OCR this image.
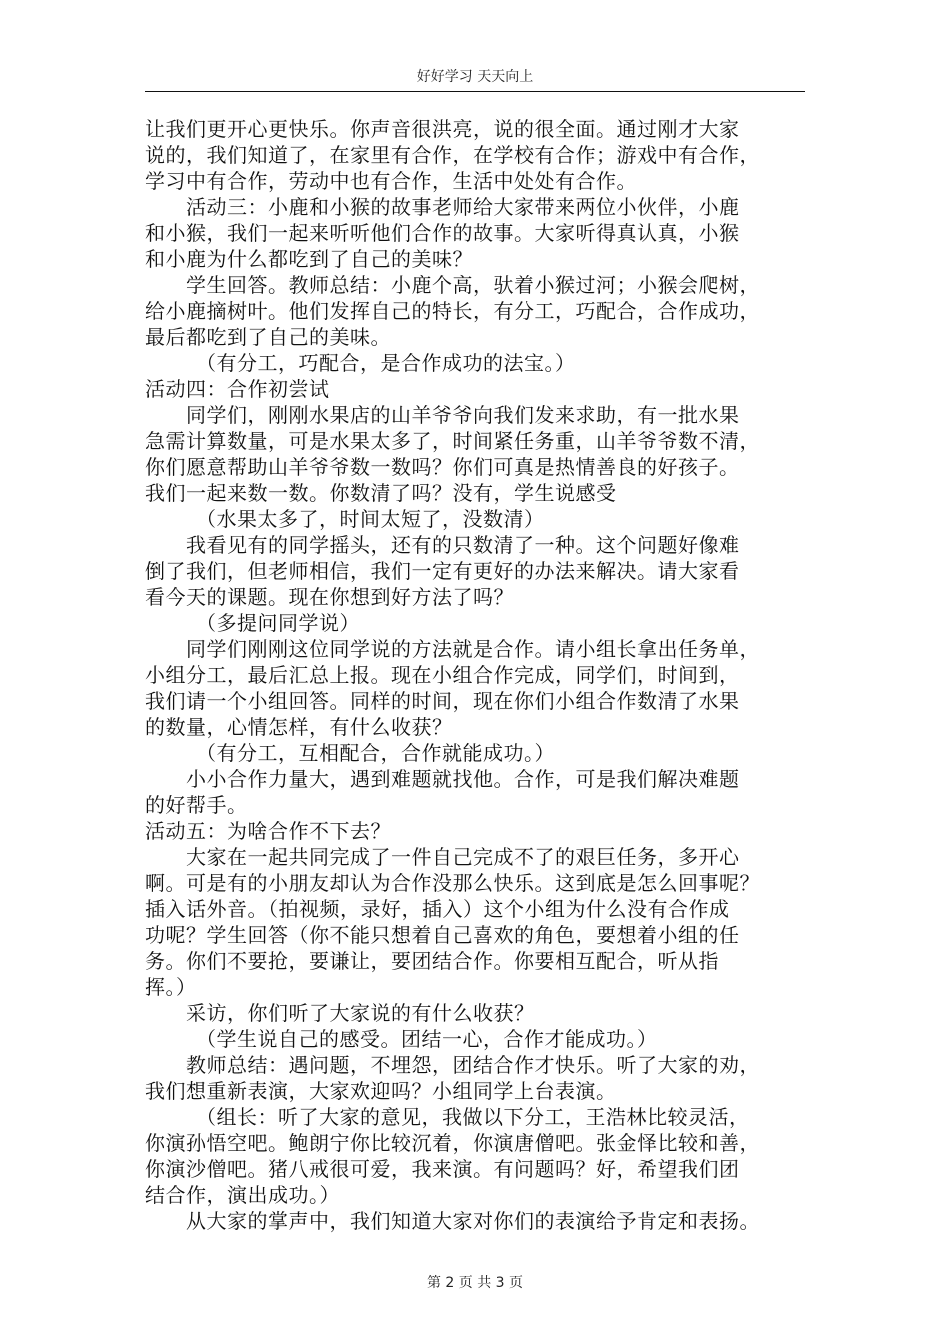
好好学习 天天向上

让我们更开心更快乐。你声音很洪亮，说的很全面。通过刚才大家

说的，我们知道了，在家里有合作，在学校有合作；游戏中有合作，

学习中有合作，劳动中也有合作，生活中处处有合作。

活动三：小鹿和小猴的故事老师给大家带来两位小伙伴，小鹿

和小猴，我们一起来听听他们合作的故事。大家听得真认真，小猴

和小鹿为什么都吃到了自己的美味？

学生回答。教师总结：小鹿个高，驮着小猴过河；小猴会爬树，

给小鹿摘树叶。他们发挥自己的特长，有分工，巧配合，合作成功，

最后都吃到了自己的美味。

（有分工，巧配合，是合作成功的法宝。）

活动四：合作初尝试

同学们，刚刚水果店的山羊爷爷向我们发来求助，有一批水果

急需计算数量，可是水果太多了，时间紧任务重，山羊爷爷数不清，

你们愿意帮助山羊爷爷数一数吗？你们可真是热情善良的好孩子。

我们一起来数一数。你数清了吗？没有，学生说感受

（水果太多了，时间太短了，没数清）

我看见有的同学摇头，还有的只数清了一种。这个问题好像难

倒了我们，但老师相信，我们一定有更好的办法来解决。请大家看

看今天的课题。现在你想到好方法了吗？

（多提问同学说）

同学们刚刚这位同学说的方法就是合作。请小组长拿出任务单，

小组分工，最后汇总上报。现在小组合作完成，同学们，时间到，

我们请一个小组回答。同样的时间，现在你们小组合作数清了水果

的数量，心情怎样，有什么收获？

（有分工，互相配合，合作就能成功。）

小小合作力量大，遇到难题就找他。合作，可是我们解决难题

的好帮手。

活动五：为啥合作不下去？

大家在一起共同完成了一件自己完成不了的艰巨任务，多开心

啊。可是有的小朋友却认为合作没那么快乐。这到底是怎么回事呢？

插入话外音。（拍视频，录好，插入）这个小组为什么没有合作成

功呢？学生回答（你不能只想着自己喜欢的角色，要想着小组的任

务。你们不要抢，要谦让，要团结合作。你要相互配合，听从指

挥。）

采访，你们听了大家说的有什么收获？

（学生说自己的感受。团结一心，合作才能成功。）

教师总结：遇问题，不埋怨，团结合作才快乐。听了大家的劝，

我们想重新表演，大家欢迎吗？小组同学上台表演。

（组长：听了大家的意见，我做以下分工，王浩林比较灵活，

你演孙悟空吧。鲍朗宁你比较沉着，你演唐僧吧。张金怿比较和善，

你演沙僧吧。猪八戒很可爱，我来演。有问题吗？好，希望我们团

结合作，演出成功。）

从大家的掌声中，我们知道大家对你们的表演给予肯定和表扬。

第 2 页 共 3 页
